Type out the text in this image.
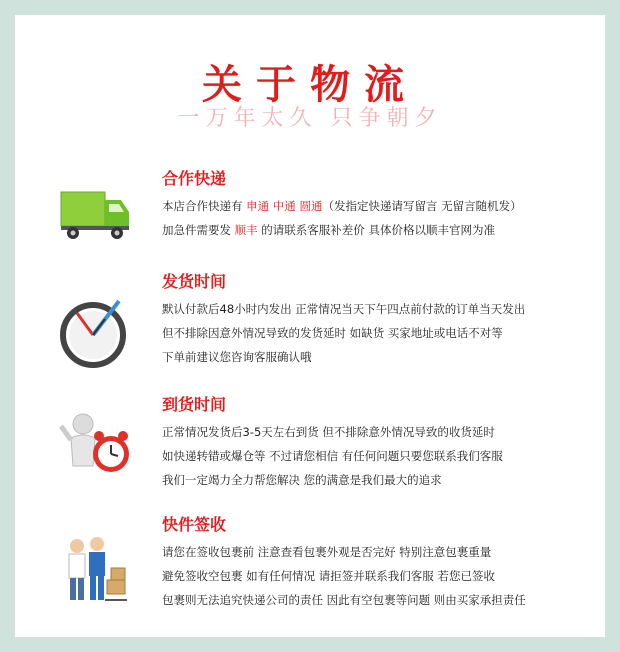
关于物流
一万年太久 只争朝夕
合作快递
本店合作快递有 申通 中通 圆通（发指定快递请写留言 无留言随机发）
加急件需要发 顺丰 的请联系客服补差价 具体价格以顺丰官网为准
发货时间
默认付款后48小时内发出 正常情况当天下午四点前付款的订单当天发出
但不排除因意外情况导致的发货延时 如缺货 买家地址或电话不对等
下单前建议您咨询客服确认哦
到货时间
正常情况发货后3-5天左右到货 但不排除意外情况导致的收货延时
如快递转错或爆仓等 不过请您相信 有任何问题只要您联系我们客服
我们一定竭力全力帮您解决 您的满意是我们最大的追求
快件签收
请您在签收包裹前 注意查看包裹外观是否完好 特别注意包裹重量
避免签收空包裹 如有任何情况 请拒签并联系我们客服 若您已签收
包裹则无法追究快递公司的责任 因此有空包裹等问题 则由买家承担责任
